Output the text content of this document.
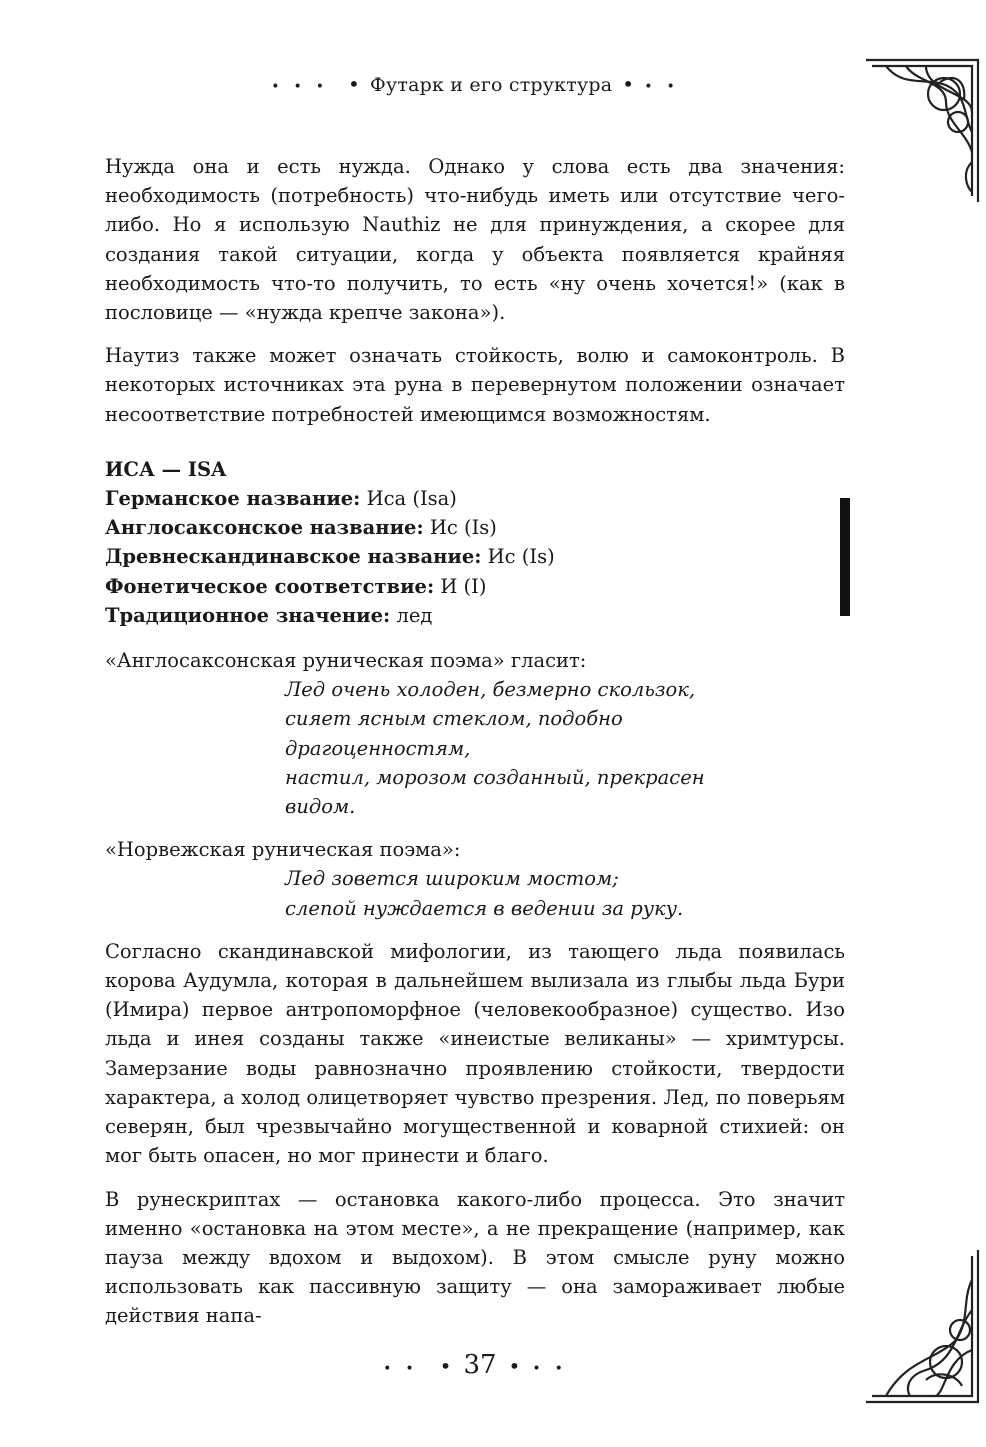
••• • Футарк и его структура • ••

Нужда она и есть нужда. Однако у слова есть два значения: необходимость (потребность) что-нибудь иметь или отсутствие чего-либо. Но я использую Nauthiz не для принуждения, а скорее для создания такой ситуации, когда у объекта появляется крайняя необходимость что-то получить, то есть «ну очень хочется!» (как в пословице — «нужда крепче закона»).

Наутиз также может означать стойкость, волю и самоконтроль. В некоторых источниках эта руна в перевернутом положении означает несоответствие потребностей имеющимся возможностям.

ИСА — ISA
Германское название: Иса (Isa)
Англосаксонское название: Ис (Is)
Древнескандинавское название: Ис (Is)
Фонетическое соответствие: И (I)
Традиционное значение: лед
«Англосаксонская руническая поэма» гласит:
Лед очень холоден, безмерно скользок,
сияет ясным стеклом, подобно
драгоценностям,
настил, морозом созданный, прекрасен
видом.
«Норвежская руническая поэма»:
Лед зовется широким мостом;
слепой нуждается в ведении за руку.

Согласно скандинавской мифологии, из тающего льда появилась корова Аудумла, которая в дальнейшем вылизала из глыбы льда Бури (Имира) первое антропоморфное (человекообразное) существо. Изо льда и инея созданы также «инеистые великаны» — хримтурсы. Замерзание воды равнозначно проявлению стойкости, твердости характера, а холод олицетворяет чувство презрения. Лед, по поверьям северян, был чрезвычайно могущественной и коварной стихией: он мог быть опасен, но мог принести и благо.

В рунескриптах — остановка какого-либо процесса. Это значит именно «остановка на этом месте», а не прекращение (например, как пауза между вдохом и выдохом). В этом смысле руну можно использовать как пассивную защиту — она замораживает любые действия напа-

•• • 37 • ••
